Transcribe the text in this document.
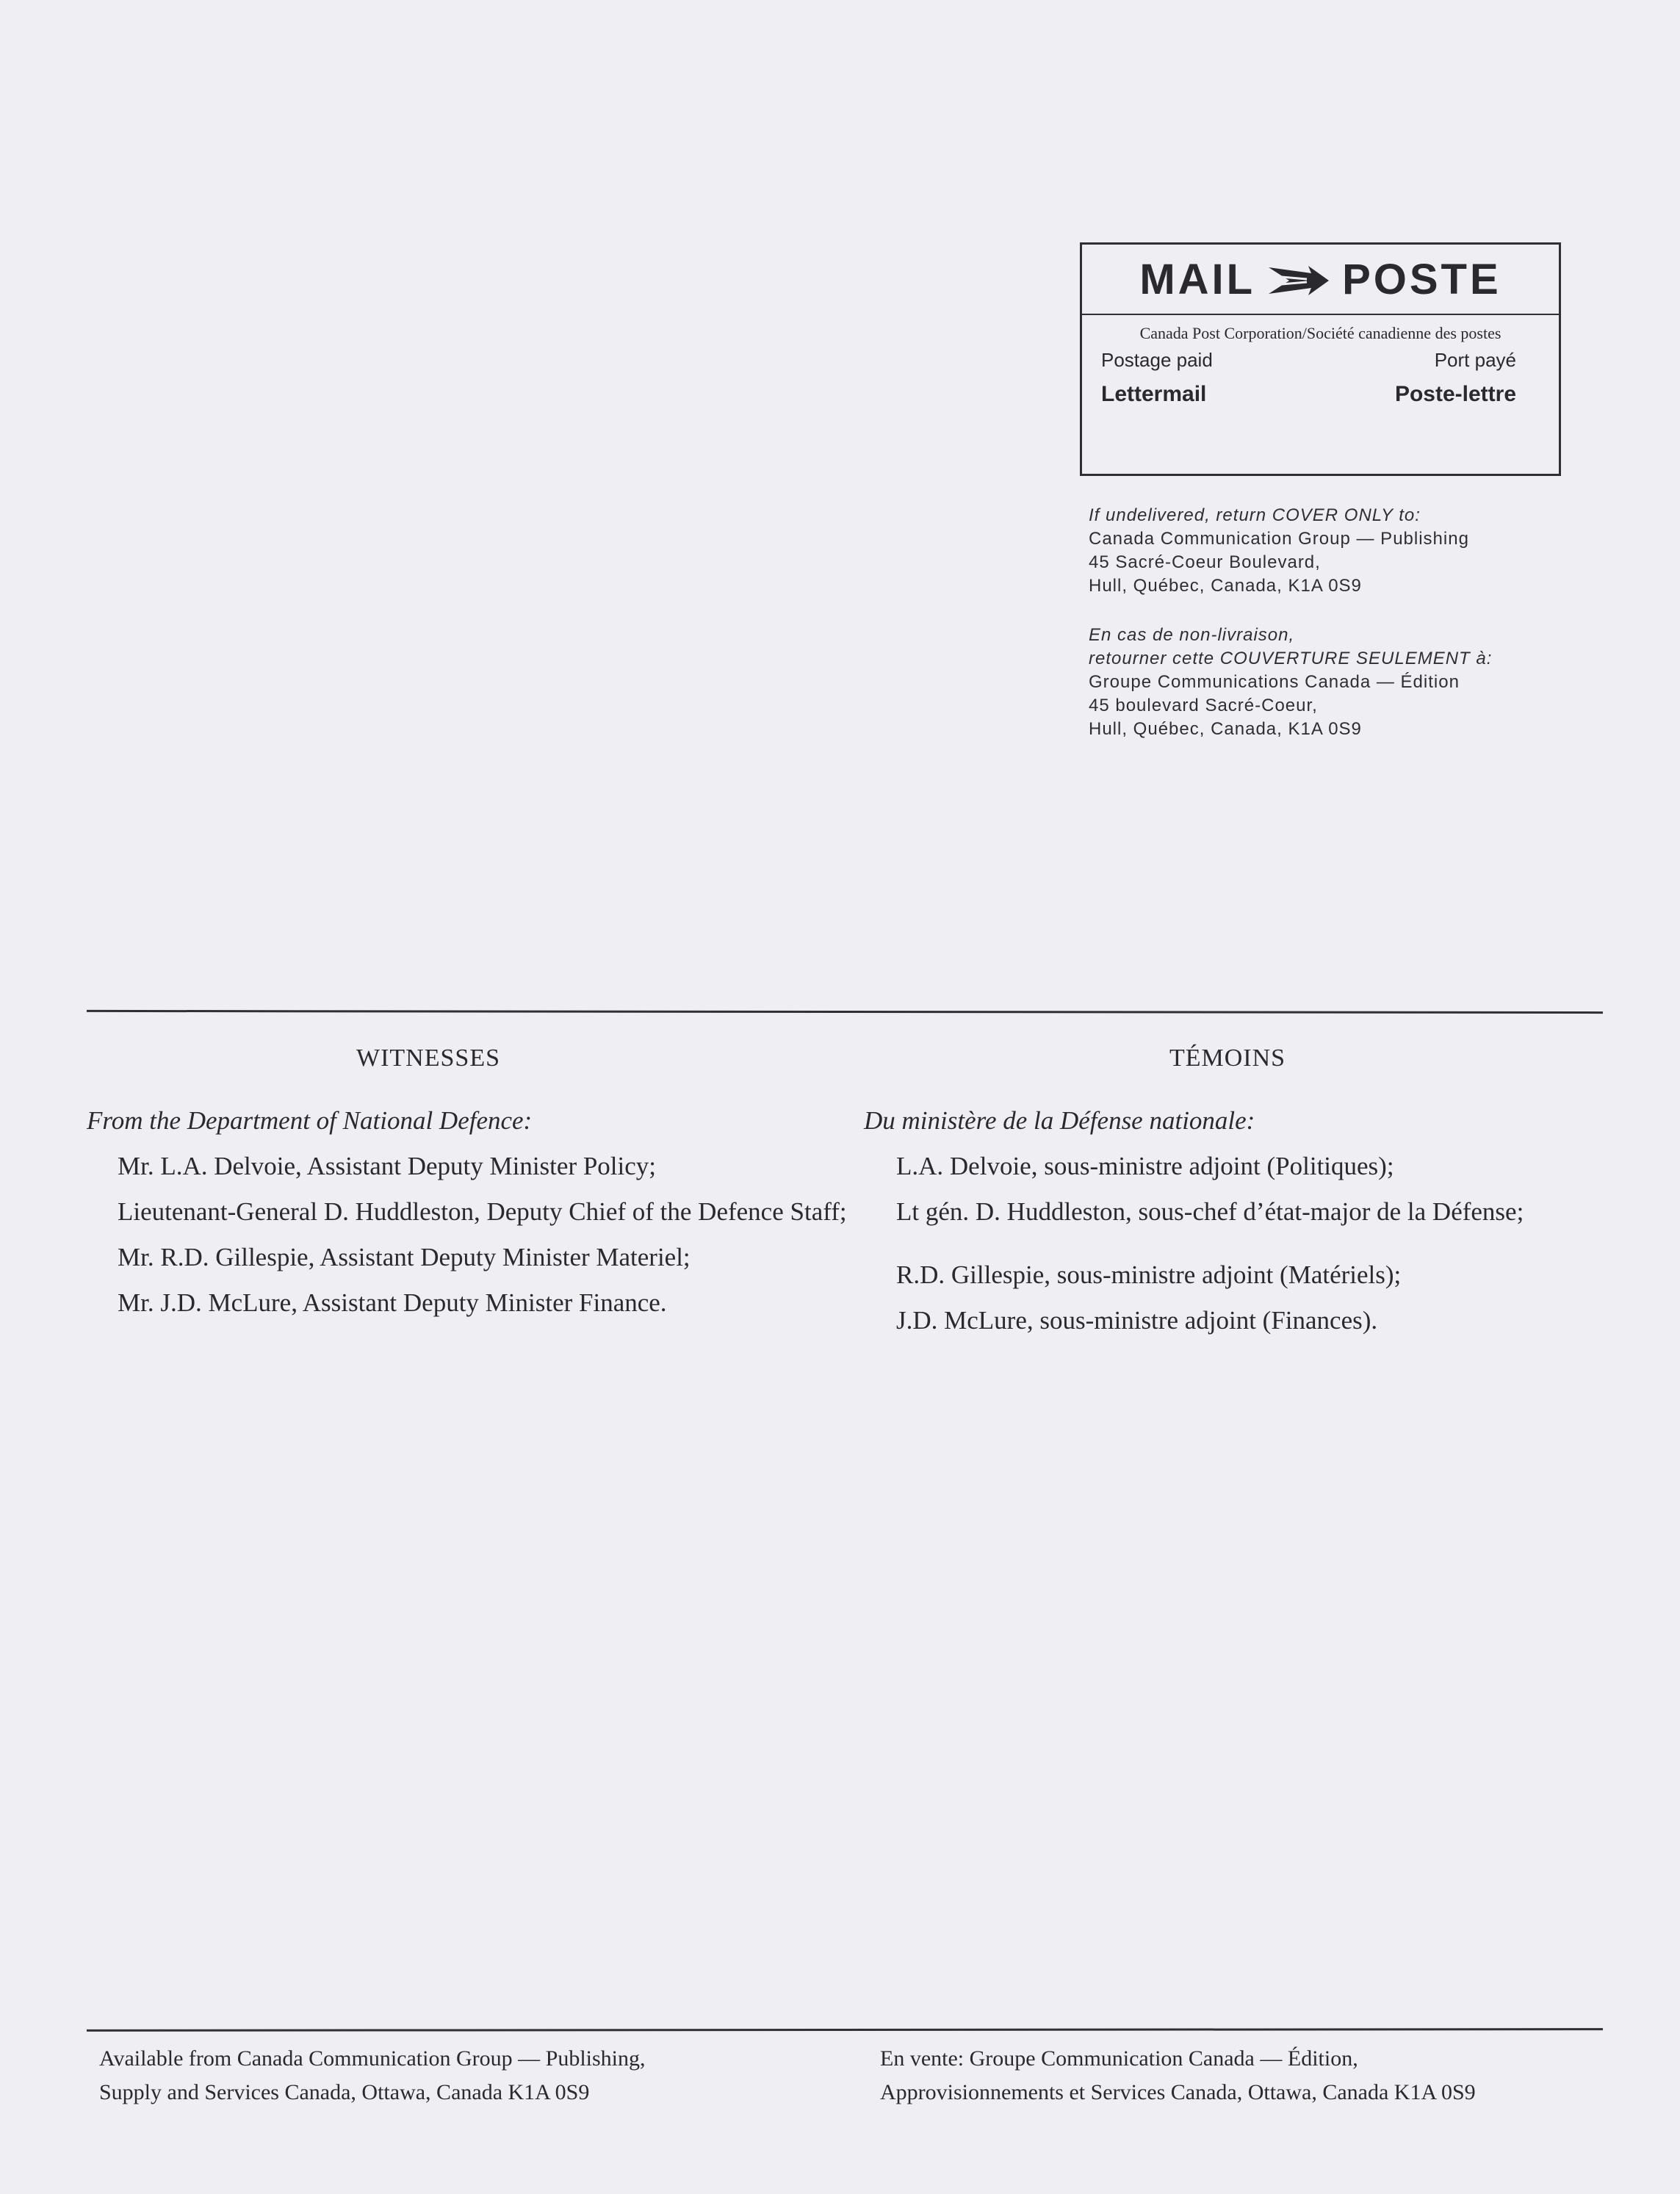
MAIL POSTE
Canada Post Corporation/Société canadienne des postes
Postage paid	Port payé
Lettermail	Poste-lettre
If undelivered, return COVER ONLY to:
Canada Communication Group — Publishing
45 Sacré-Coeur Boulevard,
Hull, Québec, Canada, K1A 0S9
En cas de non-livraison,
retourner cette COUVERTURE SEULEMENT à:
Groupe Communications Canada — Édition
45 boulevard Sacré-Coeur,
Hull, Québec, Canada, K1A 0S9
WITNESSES
From the Department of National Defence:
Mr. L.A. Delvoie, Assistant Deputy Minister Policy;
Lieutenant-General D. Huddleston, Deputy Chief of the Defence Staff;
Mr. R.D. Gillespie, Assistant Deputy Minister Materiel;
Mr. J.D. McLure, Assistant Deputy Minister Finance.
TÉMOINS
Du ministère de la Défense nationale:
L.A. Delvoie, sous-ministre adjoint (Politiques);
Lt gén. D. Huddleston, sous-chef d’état-major de la Défense;
R.D. Gillespie, sous-ministre adjoint (Matériels);
J.D. McLure, sous-ministre adjoint (Finances).
Available from Canada Communication Group — Publishing,
Supply and Services Canada, Ottawa, Canada K1A 0S9
En vente: Groupe Communication Canada — Édition,
Approvisionnements et Services Canada, Ottawa, Canada K1A 0S9
